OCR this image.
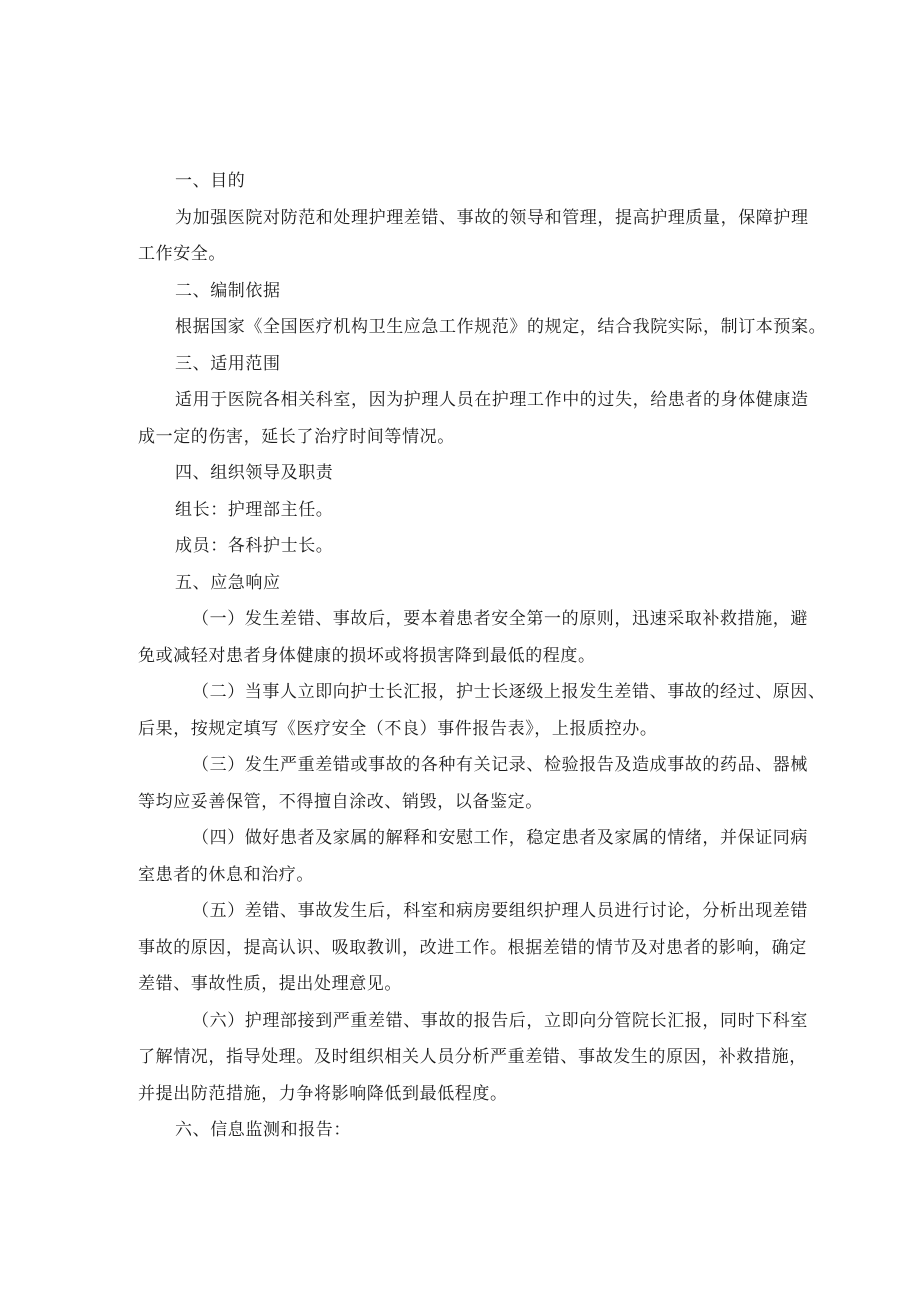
一、目的
为加强医院对防范和处理护理差错、事故的领导和管理，提高护理质量，保障护理
工作安全。
二、编制依据
根据国家《全国医疗机构卫生应急工作规范》的规定，结合我院实际，制订本预案。
三、适用范围
适用于医院各相关科室，因为护理人员在护理工作中的过失，给患者的身体健康造
成一定的伤害，延长了治疗时间等情况。
四、组织领导及职责
组长：护理部主任。
成员：各科护士长。
五、应急响应
（一）发生差错、事故后，要本着患者安全第一的原则，迅速采取补救措施，避
免或减轻对患者身体健康的损坏或将损害降到最低的程度。
（二）当事人立即向护士长汇报，护士长逐级上报发生差错、事故的经过、原因、
后果，按规定填写《医疗安全（不良）事件报告表》，上报质控办。
（三）发生严重差错或事故的各种有关记录、检验报告及造成事故的药品、器械
等均应妥善保管，不得擅自涂改、销毁，以备鉴定。
（四）做好患者及家属的解释和安慰工作，稳定患者及家属的情绪，并保证同病
室患者的休息和治疗。
（五）差错、事故发生后，科室和病房要组织护理人员进行讨论，分析出现差错
事故的原因，提高认识、吸取教训，改进工作。根据差错的情节及对患者的影响，确定
差错、事故性质，提出处理意见。
（六）护理部接到严重差错、事故的报告后，立即向分管院长汇报，同时下科室
了解情况，指导处理。及时组织相关人员分析严重差错、事故发生的原因，补救措施，
并提出防范措施，力争将影响降低到最低程度。
六、信息监测和报告：
